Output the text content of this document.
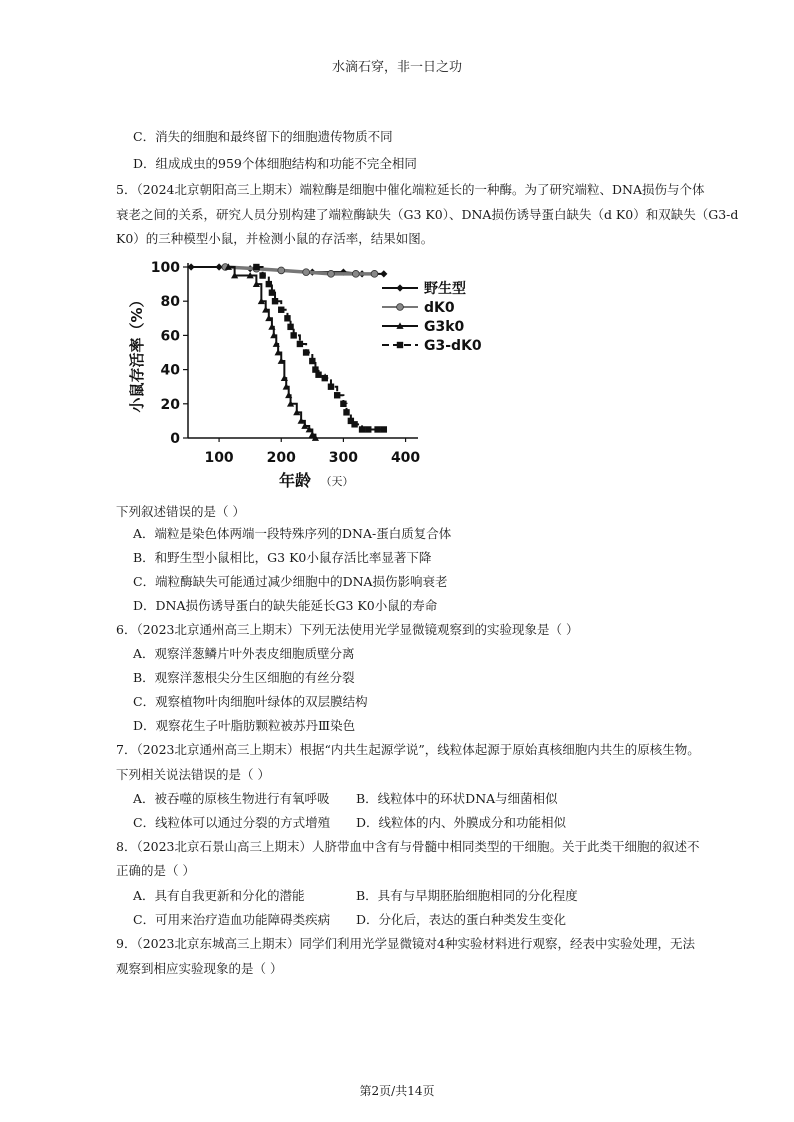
水滴石穿，非一日之功
C．消失的细胞和最终留下的细胞遗传物质不同
D．组成成虫的959个体细胞结构和功能不完全相同
5．（2024北京朝阳高三上期末）端粒酶是细胞中催化端粒延长的一种酶。为了研究端粒、DNA损伤与个体
衰老之间的关系，研究人员分别构建了端粒酶缺失（G3 K0）、DNA损伤诱导蛋白缺失（d K0）和双缺失（G3-d
K0）的三种模型小鼠，并检测小鼠的存活率，结果如图。
0
20
40
60
80
100
100 200 300 400
年龄 （天）
小鼠存活率（%）
野生型
dK0
G3k0
G3-dK0
下列叙述错误的是（ ）
A．端粒是染色体两端一段特殊序列的DNA-蛋白质复合体
B．和野生型小鼠相比，G3 K0小鼠存活比率显著下降
C．端粒酶缺失可能通过减少细胞中的DNA损伤影响衰老
D．DNA损伤诱导蛋白的缺失能延长G3 K0小鼠的寿命
6．（2023北京通州高三上期末）下列无法使用光学显微镜观察到的实验现象是（ ）
A．观察洋葱鳞片叶外表皮细胞质壁分离
B．观察洋葱根尖分生区细胞的有丝分裂
C．观察植物叶肉细胞叶绿体的双层膜结构
D．观察花生子叶脂肪颗粒被苏丹Ⅲ染色
7．（2023北京通州高三上期末）根据“内共生起源学说”，线粒体起源于原始真核细胞内共生的原核生物。
下列相关说法错误的是（ ）
A．被吞噬的原核生物进行有氧呼吸 B．线粒体中的环状DNA与细菌相似
C．线粒体可以通过分裂的方式增殖 D．线粒体的内、外膜成分和功能相似
8．（2023北京石景山高三上期末）人脐带血中含有与骨髓中相同类型的干细胞。关于此类干细胞的叙述不
正确的是（ ）
A．具有自我更新和分化的潜能	B．具有与早期胚胎细胞相同的分化程度
C．可用来治疗造血功能障碍类疾病 D．分化后，表达的蛋白种类发生变化
9．（2023北京东城高三上期末）同学们利用光学显微镜对4种实验材料进行观察，经表中实验处理，无法
观察到相应实验现象的是（ ）
第2页/共14页
